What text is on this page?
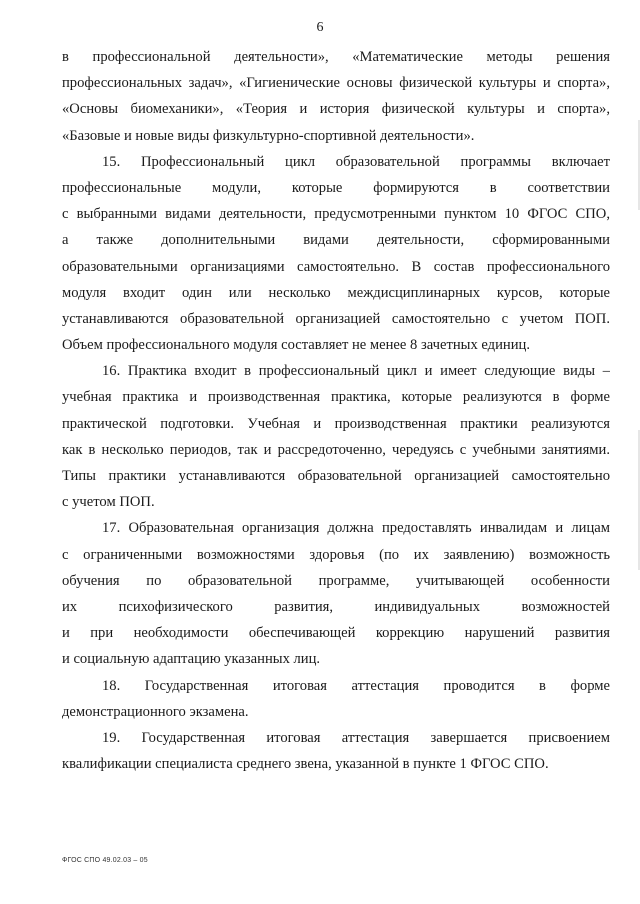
6
в профессиональной деятельности», «Математические методы решения
профессиональных задач», «Гигиенические основы физической культуры и спорта»,
«Основы биомеханики», «Теория и история физической культуры и спорта»,
«Базовые и новые виды физкультурно-спортивной деятельности».
15. Профессиональный цикл образовательной программы включает
профессиональные модули, которые формируются в соответствии
с выбранными видами деятельности, предусмотренными пунктом 10 ФГОС СПО,
а также дополнительными видами деятельности, сформированными
образовательными организациями самостоятельно. В состав профессионального
модуля входит один или несколько междисциплинарных курсов, которые
устанавливаются образовательной организацией самостоятельно с учетом ПОП.
Объем профессионального модуля составляет не менее 8 зачетных единиц.
16. Практика входит в профессиональный цикл и имеет следующие виды –
учебная практика и производственная практика, которые реализуются в форме
практической подготовки. Учебная и производственная практики реализуются
как в несколько периодов, так и рассредоточенно, чередуясь с учебными занятиями.
Типы практики устанавливаются образовательной организацией самостоятельно
с учетом ПОП.
17. Образовательная организация должна предоставлять инвалидам и лицам
с ограниченными возможностями здоровья (по их заявлению) возможность
обучения по образовательной программе, учитывающей особенности
их психофизического развития, индивидуальных возможностей
и при необходимости обеспечивающей коррекцию нарушений развития
и социальную адаптацию указанных лиц.
18. Государственная итоговая аттестация проводится в форме
демонстрационного экзамена.
19. Государственная итоговая аттестация завершается присвоением
квалификации специалиста среднего звена, указанной в пункте 1 ФГОС СПО.
ФГОС СПО 49.02.03 – 05
